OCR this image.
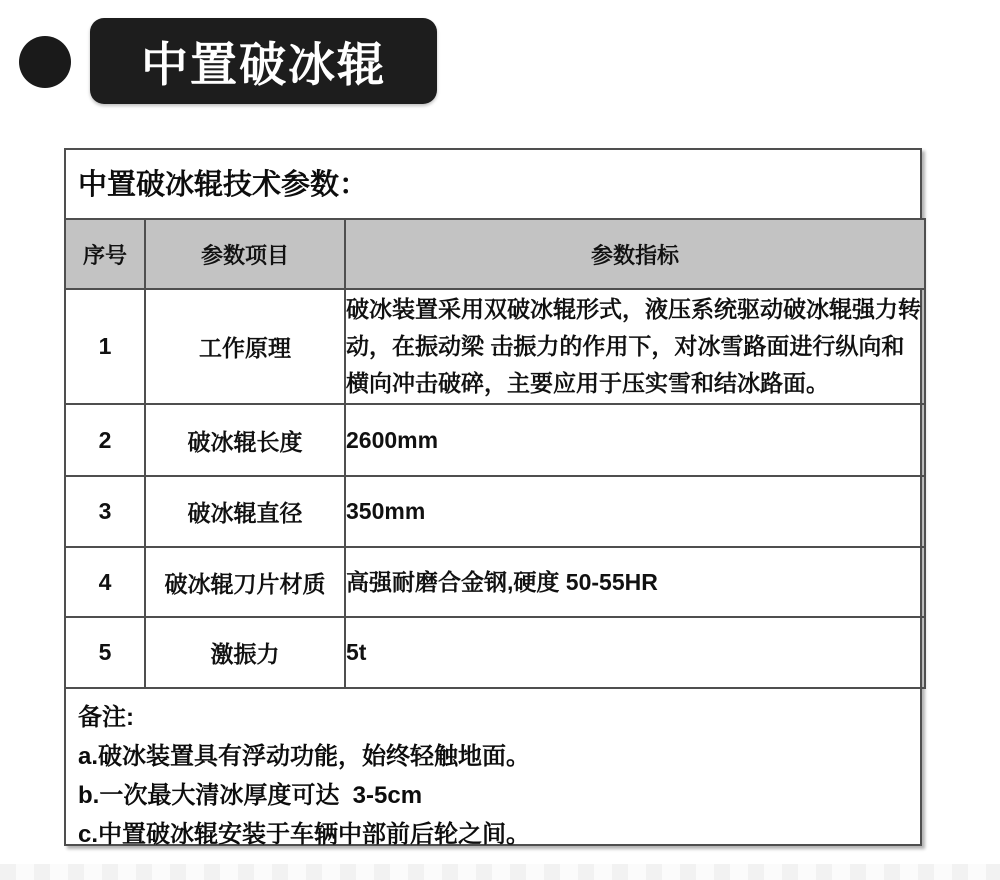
中置破冰辊
中置破冰辊技术参数：
序号	参数项目	参数指标
1	工作原理	破冰装置采用双破冰辊形式，液压系统驱动破冰辊强力转动，在振动梁 击振力的作用下，对冰雪路面进行纵向和横向冲击破碎，主要应用于压实雪和结冰路面。
2	破冰辊长度	2600mm
3	破冰辊直径	350mm
4	破冰辊刀片材质	高强耐磨合金钢,硬度 50-55HR
5	激振力	5t
备注:
a.破冰装置具有浮动功能，始终轻触地面。
b.一次最大清冰厚度可达  3-5cm
c.中置破冰辊安装于车辆中部前后轮之间。
